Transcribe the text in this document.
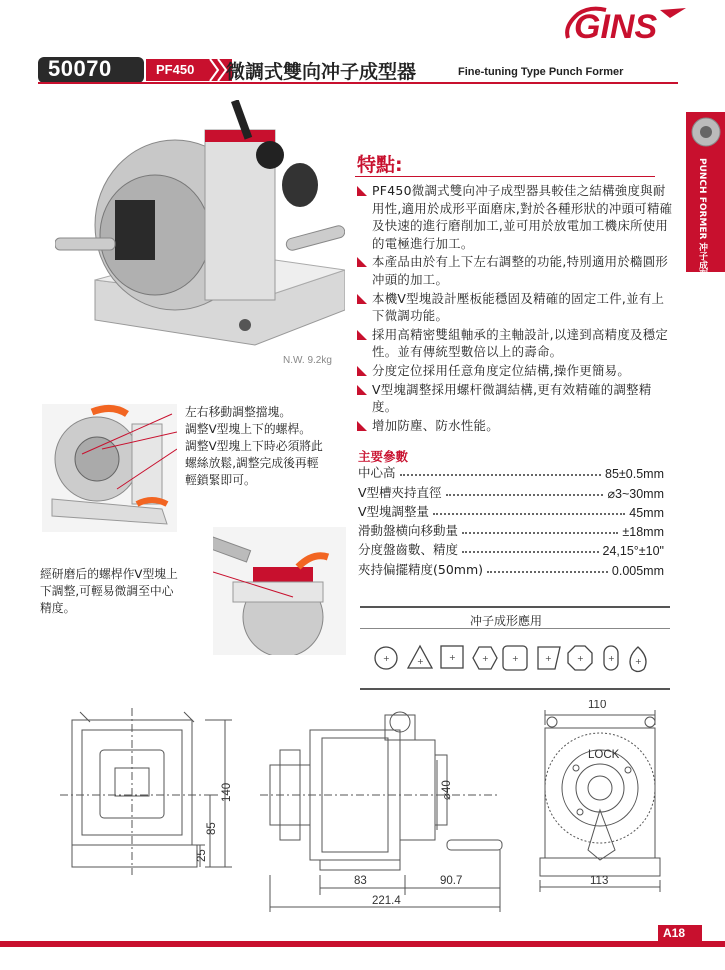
GINS
50070	PF450 微調式雙向冲子成型器	Fine-tuning Type Punch Former
PUNCH FORMER 冲子成型器
N.W. 9.2kg
特點:
PF450微調式雙向冲子成型器具較佳之結構強度與耐用性,適用於成形平面磨床,對於各種形狀的冲頭可精確及快速的進行磨削加工,並可用於放電加工機床所使用的電極進行加工。
本產品由於有上下左右調整的功能,特別適用於橢圓形冲頭的加工。
本機V型塊設計壓板能穩固及精確的固定工件,並有上下微調功能。
採用高精密雙組軸承的主軸設計,以達到高精度及穩定性。並有傳統型數倍以上的壽命。
分度定位採用任意角度定位結構,操作更簡易。
V型塊調整採用螺杆微調結構,更有效精確的調整精度。
增加防塵、防水性能。
主要參數
中心高	85±0.5mm
V型槽夾持直徑	⌀3~30mm
V型塊調整量	45mm
滑動盤横向移動量	±18mm
分度盤齒數、精度	24,15°±10"
夾持偏擺精度(50mm)	0.005mm
+	+	+	+	+	+	+	+	+
冲子成形應用
左右移動調整擋塊。
調整V型塊上下的螺桿。
調整V型塊上下時必須將此
螺絲放鬆,調整完成後再輕
輕鎖緊即可。
經研磨后的螺桿作V型塊上
下調整,可輕易微調至中心
精度。
140
85
25
⌀40
83	90.7
221.4
110
113
LOCK
A18
